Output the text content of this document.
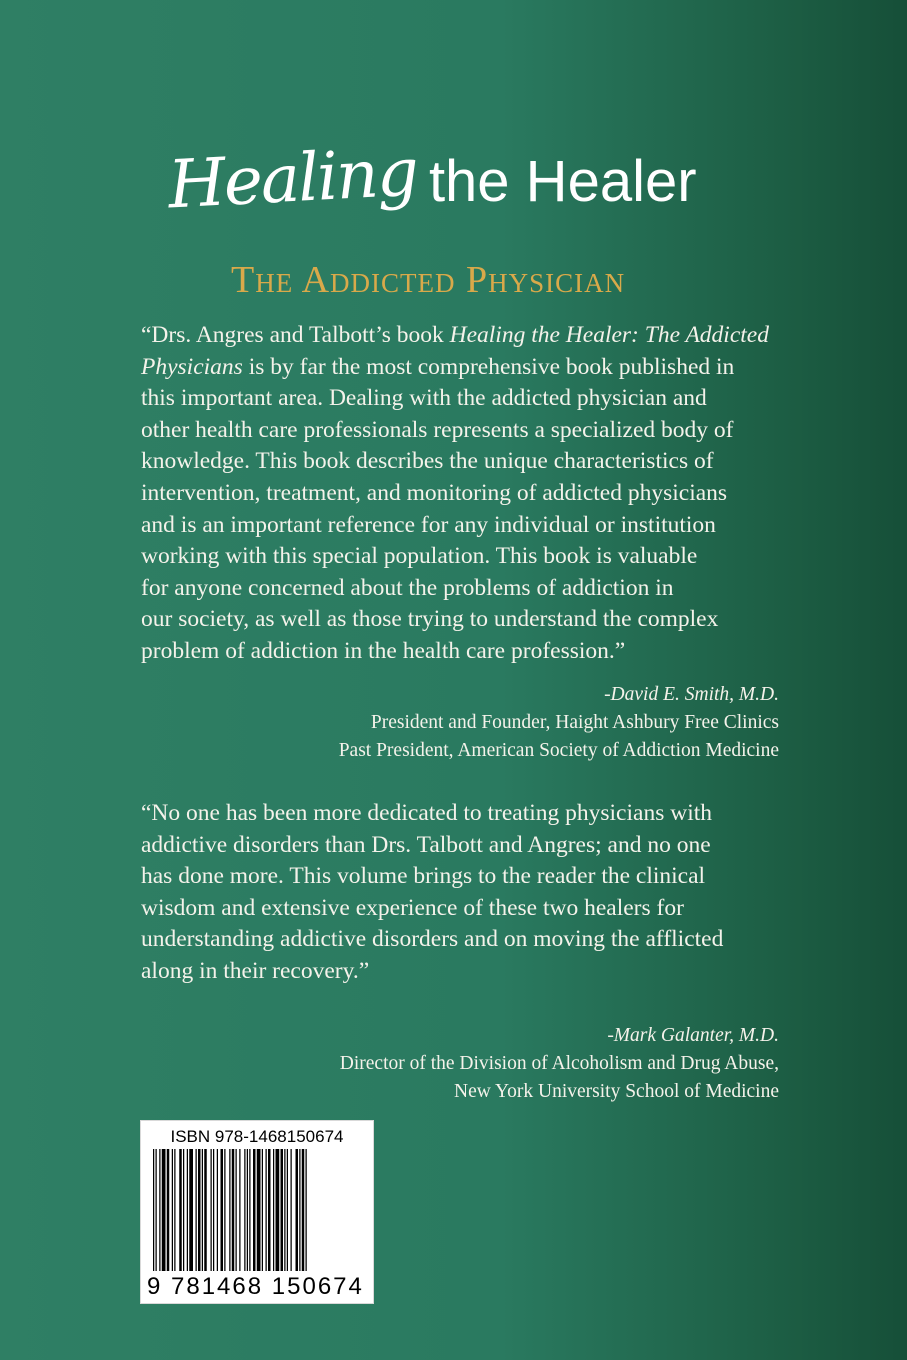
Healing the Healer
The Addicted Physician
“Drs. Angres and Talbott’s book Healing the Healer: The Addicted
Physicians is by far the most comprehensive book published in
this important area. Dealing with the addicted physician and
other health care professionals represents a specialized body of
knowledge. This book describes the unique characteristics of
intervention, treatment, and monitoring of addicted physicians
and is an important reference for any individual or institution
working with this special population. This book is valuable
for anyone concerned about the problems of addiction in
our society, as well as those trying to understand the complex
problem of addiction in the health care profession.”
-David E. Smith, M.D.
President and Founder, Haight Ashbury Free Clinics
Past President, American Society of Addiction Medicine
“No one has been more dedicated to treating physicians with
addictive disorders than Drs. Talbott and Angres; and no one
has done more. This volume brings to the reader the clinical
wisdom and extensive experience of these two healers for
understanding addictive disorders and on moving the afflicted
along in their recovery.”
-Mark Galanter, M.D.
Director of the Division of Alcoholism and Drug Abuse,
New York University School of Medicine
ISBN 978-1468150674
9 781468 150674
